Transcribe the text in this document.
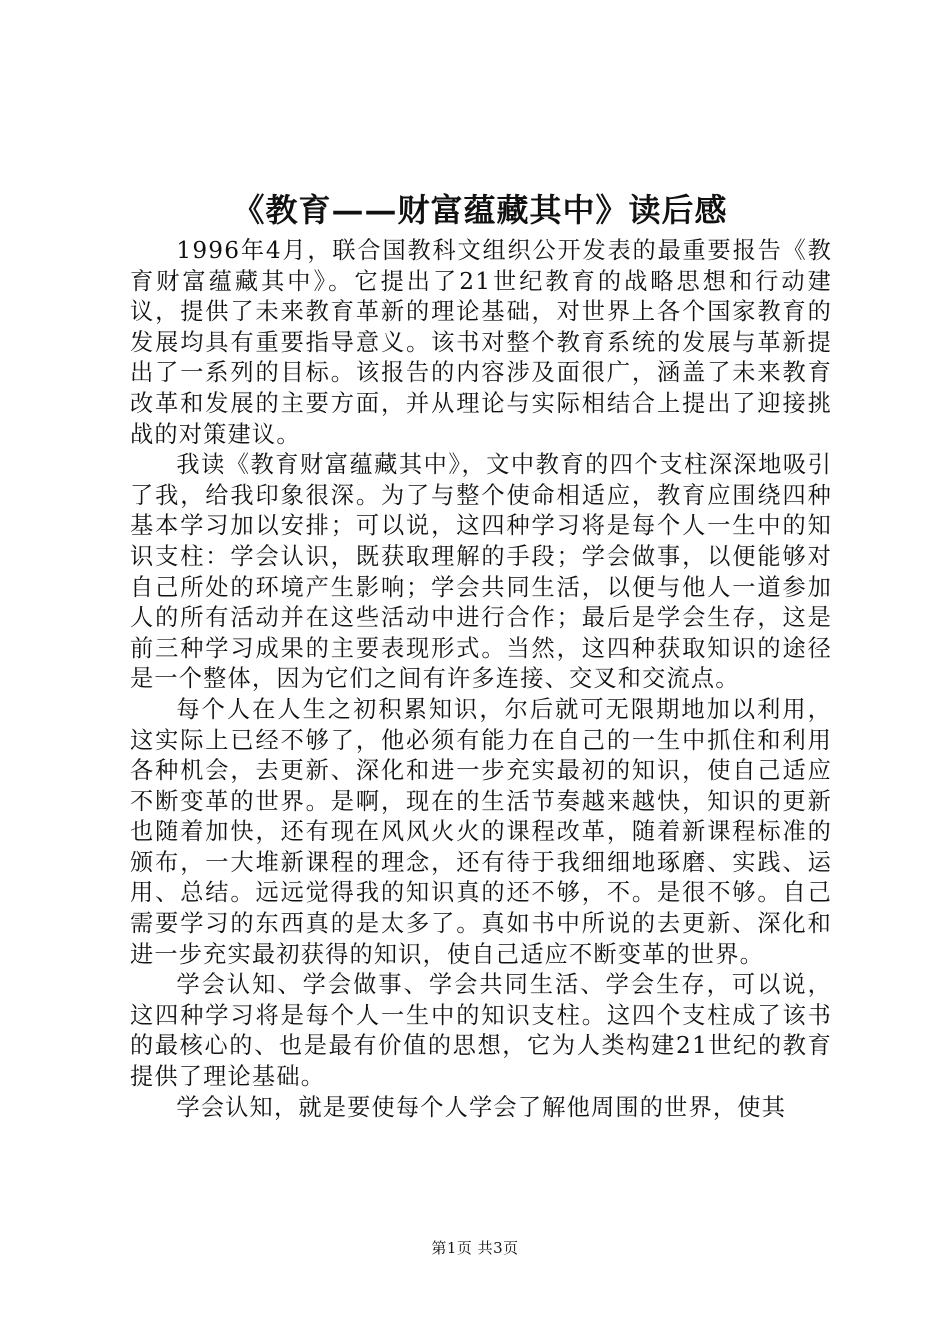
《教育——财富蕴藏其中》读后感

1996年4月，联合国教科文组织公开发表的最重要报告《教育财富蕴藏其中》。它提出了21世纪教育的战略思想和行动建议，提供了未来教育革新的理论基础，对世界上各个国家教育的发展均具有重要指导意义。该书对整个教育系统的发展与革新提出了一系列的目标。该报告的内容涉及面很广，涵盖了未来教育改革和发展的主要方面，并从理论与实际相结合上提出了迎接挑战的对策建议。

我读《教育财富蕴藏其中》，文中教育的四个支柱深深地吸引了我，给我印象很深。为了与整个使命相适应，教育应围绕四种基本学习加以安排；可以说，这四种学习将是每个人一生中的知识支柱：学会认识，既获取理解的手段；学会做事，以便能够对自己所处的环境产生影响；学会共同生活，以便与他人一道参加人的所有活动并在这些活动中进行合作；最后是学会生存，这是前三种学习成果的主要表现形式。当然，这四种获取知识的途径是一个整体，因为它们之间有许多连接、交叉和交流点。

每个人在人生之初积累知识，尔后就可无限期地加以利用，这实际上已经不够了，他必须有能力在自己的一生中抓住和利用各种机会，去更新、深化和进一步充实最初的知识，使自己适应不断变革的世界。是啊，现在的生活节奏越来越快，知识的更新也随着加快，还有现在风风火火的课程改革，随着新课程标准的颁布，一大堆新课程的理念，还有待于我细细地琢磨、实践、运用、总结。远远觉得我的知识真的还不够，不。是很不够。自己需要学习的东西真的是太多了。真如书中所说的去更新、深化和进一步充实最初获得的知识，使自己适应不断变革的世界。

学会认知、学会做事、学会共同生活、学会生存，可以说，这四种学习将是每个人一生中的知识支柱。这四个支柱成了该书的最核心的、也是最有价值的思想，它为人类构建21世纪的教育提供了理论基础。

学会认知，就是要使每个人学会了解他周围的世界，使其

第1页 共3页
